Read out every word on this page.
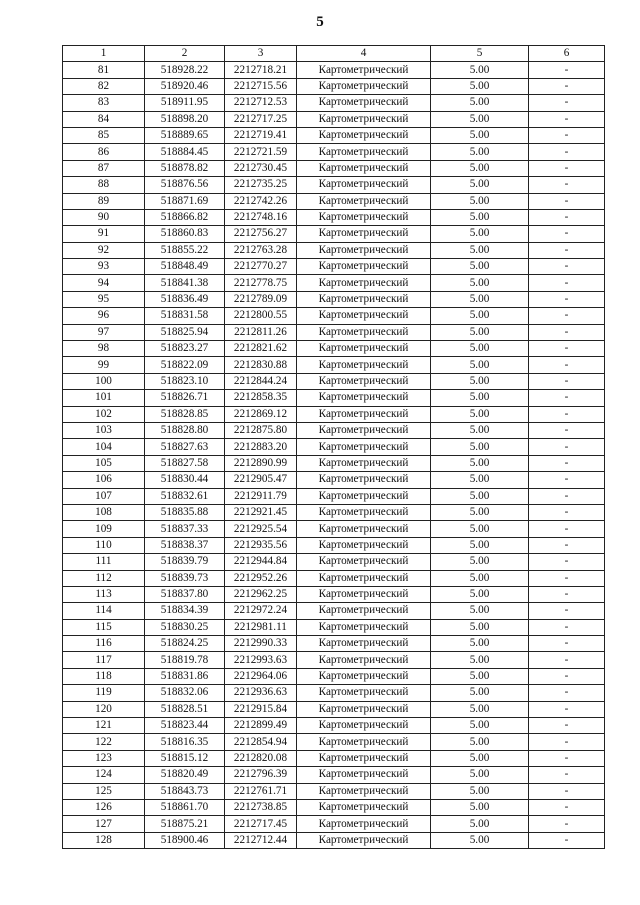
5
1	2	3	4	5	6
81	518928.22	2212718.21	Картометрический	5.00	-
82	518920.46	2212715.56	Картометрический	5.00	-
83	518911.95	2212712.53	Картометрический	5.00	-
84	518898.20	2212717.25	Картометрический	5.00	-
85	518889.65	2212719.41	Картометрический	5.00	-
86	518884.45	2212721.59	Картометрический	5.00	-
87	518878.82	2212730.45	Картометрический	5.00	-
88	518876.56	2212735.25	Картометрический	5.00	-
89	518871.69	2212742.26	Картометрический	5.00	-
90	518866.82	2212748.16	Картометрический	5.00	-
91	518860.83	2212756.27	Картометрический	5.00	-
92	518855.22	2212763.28	Картометрический	5.00	-
93	518848.49	2212770.27	Картометрический	5.00	-
94	518841.38	2212778.75	Картометрический	5.00	-
95	518836.49	2212789.09	Картометрический	5.00	-
96	518831.58	2212800.55	Картометрический	5.00	-
97	518825.94	2212811.26	Картометрический	5.00	-
98	518823.27	2212821.62	Картометрический	5.00	-
99	518822.09	2212830.88	Картометрический	5.00	-
100	518823.10	2212844.24	Картометрический	5.00	-
101	518826.71	2212858.35	Картометрический	5.00	-
102	518828.85	2212869.12	Картометрический	5.00	-
103	518828.80	2212875.80	Картометрический	5.00	-
104	518827.63	2212883.20	Картометрический	5.00	-
105	518827.58	2212890.99	Картометрический	5.00	-
106	518830.44	2212905.47	Картометрический	5.00	-
107	518832.61	2212911.79	Картометрический	5.00	-
108	518835.88	2212921.45	Картометрический	5.00	-
109	518837.33	2212925.54	Картометрический	5.00	-
110	518838.37	2212935.56	Картометрический	5.00	-
111	518839.79	2212944.84	Картометрический	5.00	-
112	518839.73	2212952.26	Картометрический	5.00	-
113	518837.80	2212962.25	Картометрический	5.00	-
114	518834.39	2212972.24	Картометрический	5.00	-
115	518830.25	2212981.11	Картометрический	5.00	-
116	518824.25	2212990.33	Картометрический	5.00	-
117	518819.78	2212993.63	Картометрический	5.00	-
118	518831.86	2212964.06	Картометрический	5.00	-
119	518832.06	2212936.63	Картометрический	5.00	-
120	518828.51	2212915.84	Картометрический	5.00	-
121	518823.44	2212899.49	Картометрический	5.00	-
122	518816.35	2212854.94	Картометрический	5.00	-
123	518815.12	2212820.08	Картометрический	5.00	-
124	518820.49	2212796.39	Картометрический	5.00	-
125	518843.73	2212761.71	Картометрический	5.00	-
126	518861.70	2212738.85	Картометрический	5.00	-
127	518875.21	2212717.45	Картометрический	5.00	-
128	518900.46	2212712.44	Картометрический	5.00	-
